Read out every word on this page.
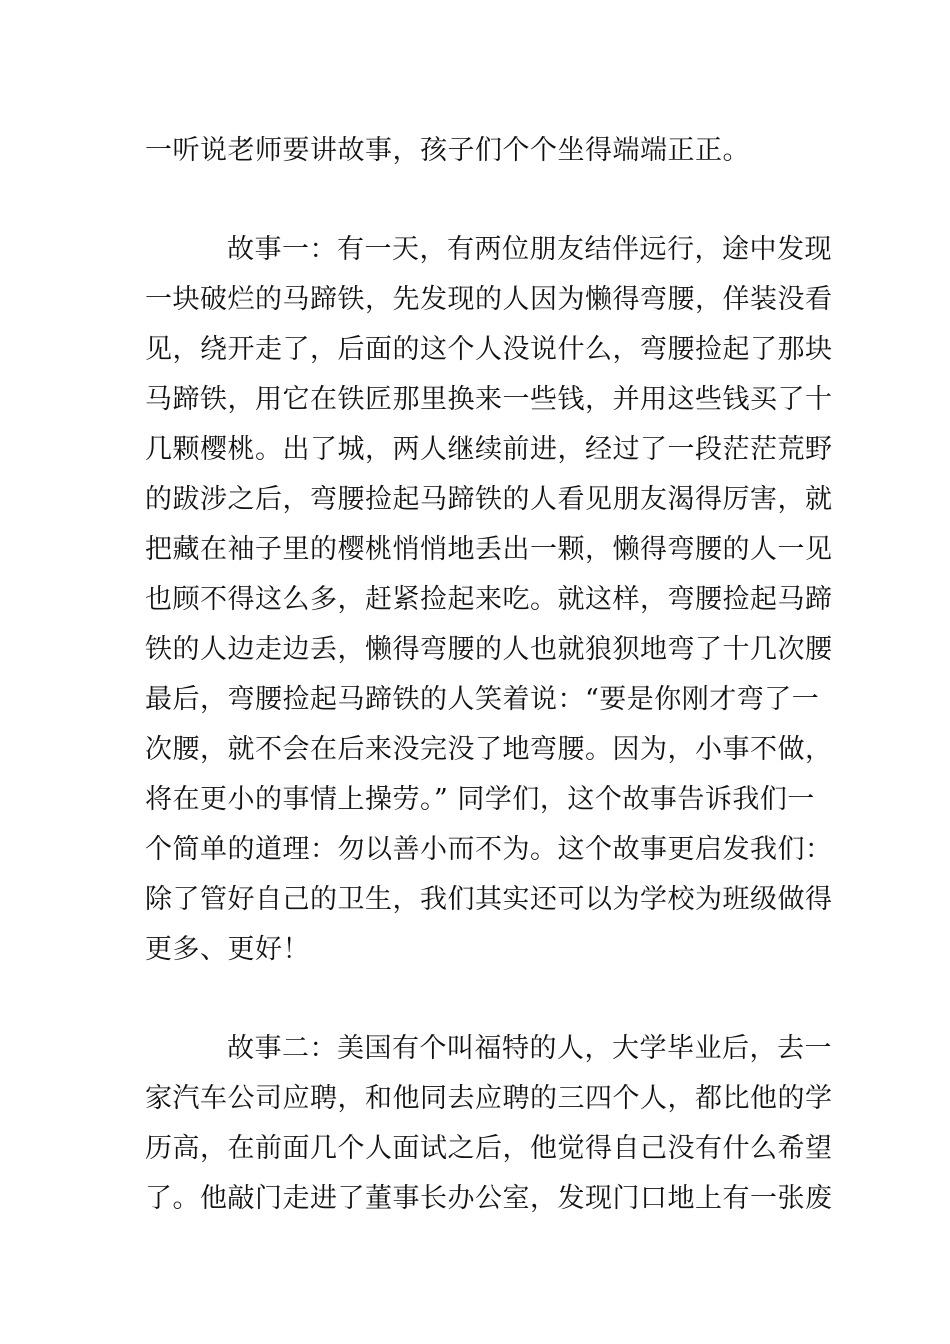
一听说老师要讲故事，孩子们个个坐得端端正正。
故事一：有一天，有两位朋友结伴远行，途中发现
一块破烂的马蹄铁，先发现的人因为懒得弯腰，佯装没看
见，绕开走了，后面的这个人没说什么，弯腰捡起了那块
马蹄铁，用它在铁匠那里换来一些钱，并用这些钱买了十
几颗樱桃。出了城，两人继续前进，经过了一段茫茫荒野
的跋涉之后，弯腰捡起马蹄铁的人看见朋友渴得厉害，就
把藏在袖子里的樱桃悄悄地丢出一颗，懒得弯腰的人一见
也顾不得这么多，赶紧捡起来吃。就这样，弯腰捡起马蹄
铁的人边走边丢，懒得弯腰的人也就狼狈地弯了十几次腰
最后，弯腰捡起马蹄铁的人笑着说：“要是你刚才弯了一
次腰，就不会在后来没完没了地弯腰。因为，小事不做，
将在更小的事情上操劳。” 同学们，这个故事告诉我们一
个简单的道理：勿以善小而不为。这个故事更启发我们：
除了管好自己的卫生，我们其实还可以为学校为班级做得
更多、更好！
故事二：美国有个叫福特的人，大学毕业后，去一
家汽车公司应聘，和他同去应聘的三四个人，都比他的学
历高，在前面几个人面试之后，他觉得自己没有什么希望
了。他敲门走进了董事长办公室，发现门口地上有一张废
